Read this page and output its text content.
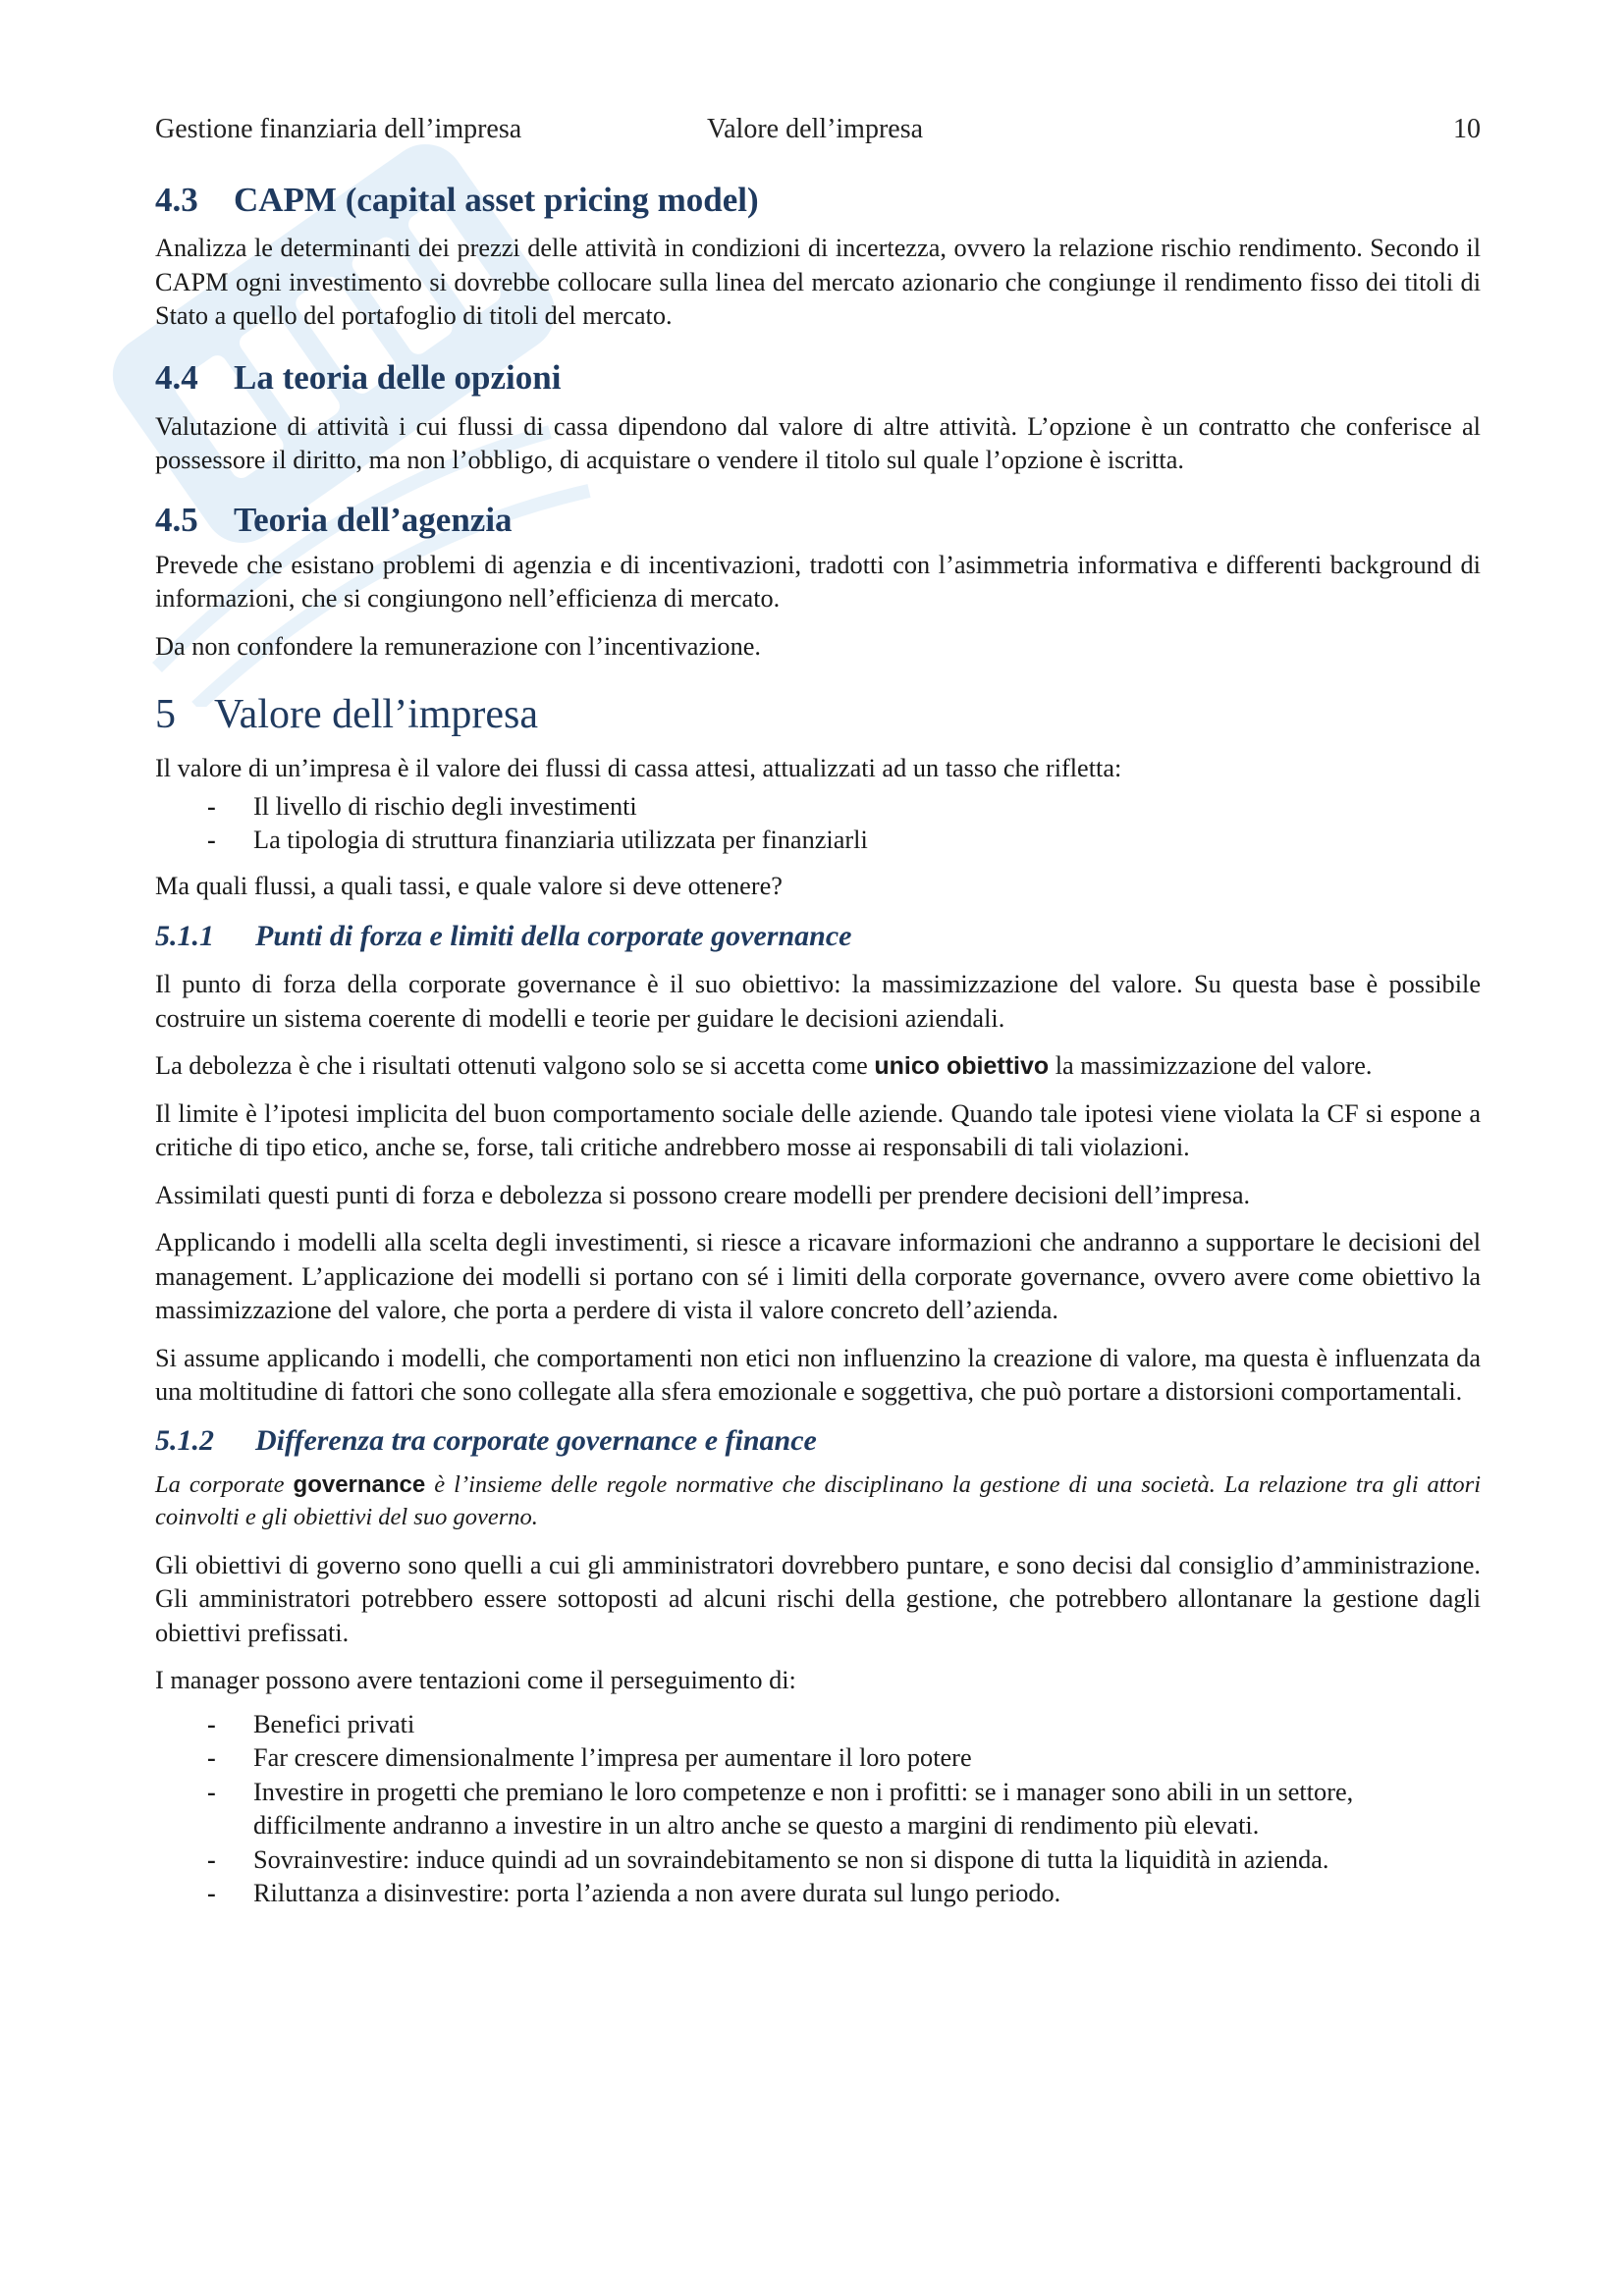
Gestione finanziaria dell’impresa	Valore dell’impresa	10
4.3 CAPM (capital asset pricing model)

Analizza le determinanti dei prezzi delle attività in condizioni di incertezza, ovvero la relazione rischio rendimento. Secondo il CAPM ogni investimento si dovrebbe collocare sulla linea del mercato azionario che congiunge il rendimento fisso dei titoli di Stato a quello del portafoglio di titoli del mercato.

4.4 La teoria delle opzioni

Valutazione di attività i cui flussi di cassa dipendono dal valore di altre attività. L’opzione è un contratto che conferisce al possessore il diritto, ma non l’obbligo, di acquistare o vendere il titolo sul quale l’opzione è iscritta.

4.5 Teoria dell’agenzia

Prevede che esistano problemi di agenzia e di incentivazioni, tradotti con l’asimmetria informativa e differenti background di informazioni, che si congiungono nell’efficienza di mercato.

Da non confondere la remunerazione con l’incentivazione.

5 Valore dell’impresa

Il valore di un’impresa è il valore dei flussi di cassa attesi, attualizzati ad un tasso che rifletta:

- Il livello di rischio degli investimenti
- La tipologia di struttura finanziaria utilizzata per finanziarli

Ma quali flussi, a quali tassi, e quale valore si deve ottenere?

5.1.1 Punti di forza e limiti della corporate governance

Il punto di forza della corporate governance è il suo obiettivo: la massimizzazione del valore. Su questa base è possibile costruire un sistema coerente di modelli e teorie per guidare le decisioni aziendali.

La debolezza è che i risultati ottenuti valgono solo se si accetta come unico obiettivo la massimizzazione del valore.

Il limite è l’ipotesi implicita del buon comportamento sociale delle aziende. Quando tale ipotesi viene violata la CF si espone a critiche di tipo etico, anche se, forse, tali critiche andrebbero mosse ai responsabili di tali violazioni.

Assimilati questi punti di forza e debolezza si possono creare modelli per prendere decisioni dell’impresa.

Applicando i modelli alla scelta degli investimenti, si riesce a ricavare informazioni che andranno a supportare le decisioni del management. L’applicazione dei modelli si portano con sé i limiti della corporate governance, ovvero avere come obiettivo la massimizzazione del valore, che porta a perdere di vista il valore concreto dell’azienda.

Si assume applicando i modelli, che comportamenti non etici non influenzino la creazione di valore, ma questa è influenzata da una moltitudine di fattori che sono collegate alla sfera emozionale e soggettiva, che può portare a distorsioni comportamentali.

5.1.2 Differenza tra corporate governance e finance

La corporate governance è l’insieme delle regole normative che disciplinano la gestione di una società. La relazione tra gli attori coinvolti e gli obiettivi del suo governo.

Gli obiettivi di governo sono quelli a cui gli amministratori dovrebbero puntare, e sono decisi dal consiglio d’amministrazione. Gli amministratori potrebbero essere sottoposti ad alcuni rischi della gestione, che potrebbero allontanare la gestione dagli obiettivi prefissati.

I manager possono avere tentazioni come il perseguimento di:

- Benefici privati
- Far crescere dimensionalmente l’impresa per aumentare il loro potere
- Investire in progetti che premiano le loro competenze e non i profitti: se i manager sono abili in un settore, difficilmente andranno a investire in un altro anche se questo a margini di rendimento più elevati.
- Sovrainvestire: induce quindi ad un sovraindebitamento se non si dispone di tutta la liquidità in azienda.
- Riluttanza a disinvestire: porta l’azienda a non avere durata sul lungo periodo.
